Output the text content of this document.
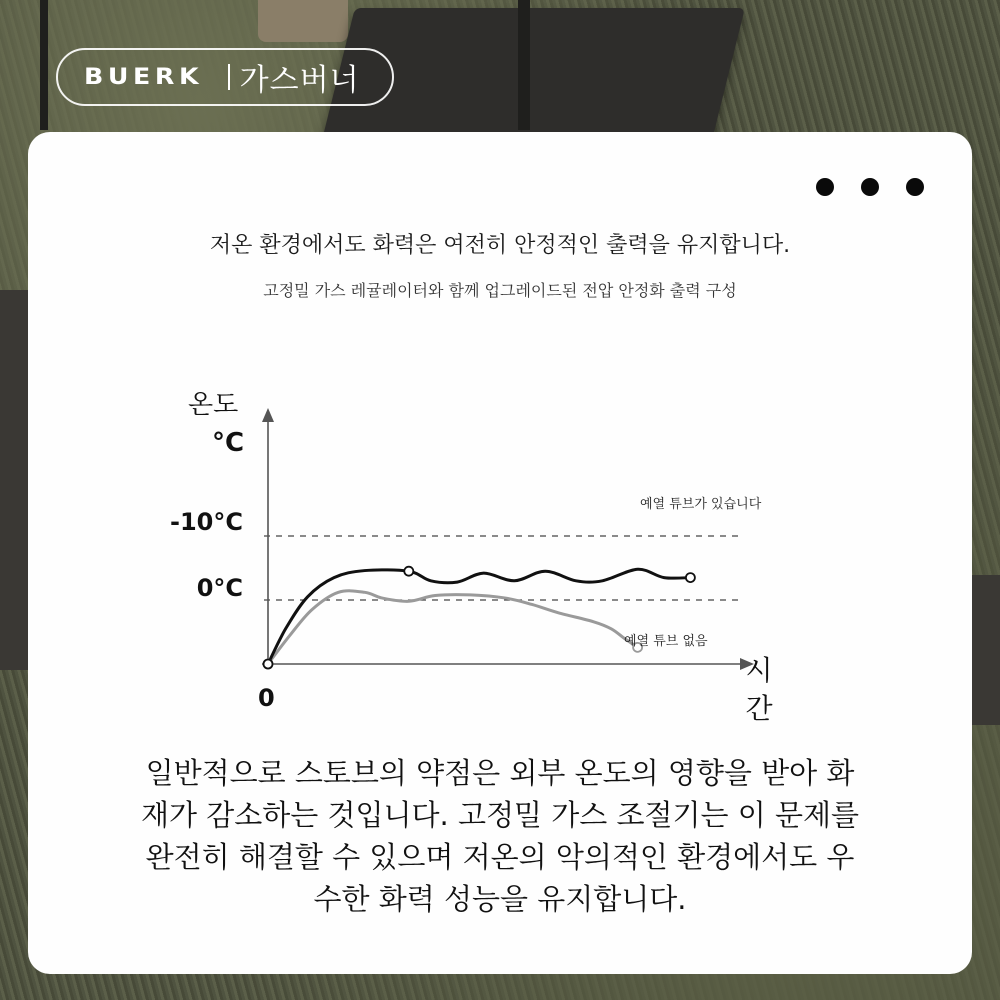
BUERK 가스버너
저온 환경에서도 화력은 여전히 안정적인 출력을 유지합니다.
고정밀 가스 레귤레이터와 함께 업그레이드된 전압 안정화 출력 구성
온도
°C
-10°C
0°C
0
시간
예열 튜브가 있습니다
예열 튜브 없음
일반적으로 스토브의 약점은 외부 온도의 영향을 받아 화
재가 감소하는 것입니다. 고정밀 가스 조절기는 이 문제를
완전히 해결할 수 있으며 저온의 악의적인 환경에서도 우
수한 화력 성능을 유지합니다.
